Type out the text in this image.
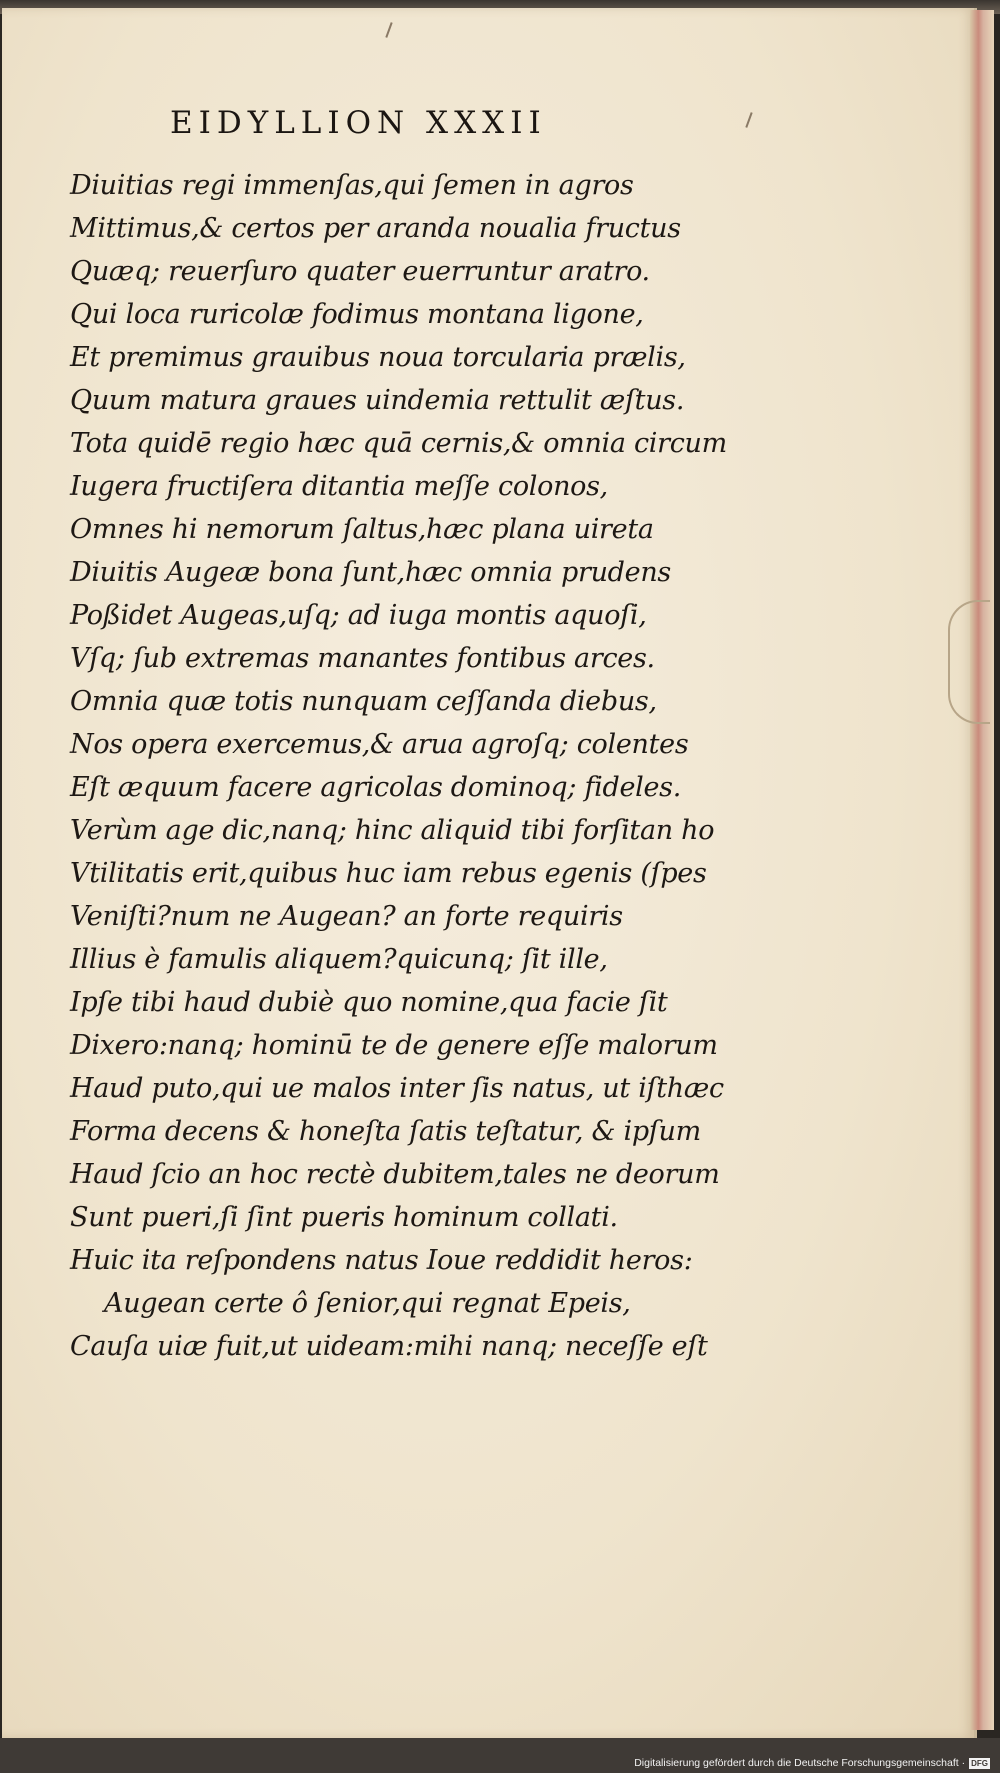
EIDYLLION XXXII
Diuitias regi immenſas,qui ſemen in agros
Mittimus,& certos per aranda noualia fructus
Quæq; reuerſuro quater euerruntur aratro.
Qui loca ruricolæ fodimus montana ligone,
Et premimus grauibus noua torcularia prælis,
Quum matura graues uindemia rettulit æſtus.
Tota quidē regio hæc quā cernis,& omnia circum
Iugera fructiſera ditantia meſſe colonos,
Omnes hi nemorum ſaltus,hæc plana uireta
Diuitis Augeæ bona ſunt,hæc omnia prudens
Poßidet Augeas,uſq; ad iuga montis aquoſi,
Vſq; ſub extremas manantes fontibus arces.
Omnia quæ totis nunquam ceſſanda diebus,
Nos opera exercemus,& arua agroſq; colentes
Eſt æquum facere agricolas dominoq; fideles.
Verùm age dic,nanq; hinc aliquid tibi forſitan ho
Vtilitatis erit,quibus huc iam rebus egenis (ſpes
Veniſti?num ne Augean? an forte requiris
Illius è famulis aliquem?quicunq; ſit ille,
Ipſe tibi haud dubiè quo nomine,qua facie ſit
Dixero:nanq; hominū te de genere eſſe malorum
Haud puto,qui ue malos inter ſis natus, ut iſthæc
Forma decens & honeſta ſatis teſtatur, & ipſum
Haud ſcio an hoc rectè dubitem,tales ne deorum
Sunt pueri,ſi ſint pueris hominum collati.
Huic ita reſpondens natus Ioue reddidit heros:
Augean certe ô ſenior,qui regnat Epeis,
Cauſa uiæ fuit,ut uideam:mihi nanq; neceſſe eſt
Digitalisierung gefördert durch die Deutsche Forschungsgemeinschaft · DFG
